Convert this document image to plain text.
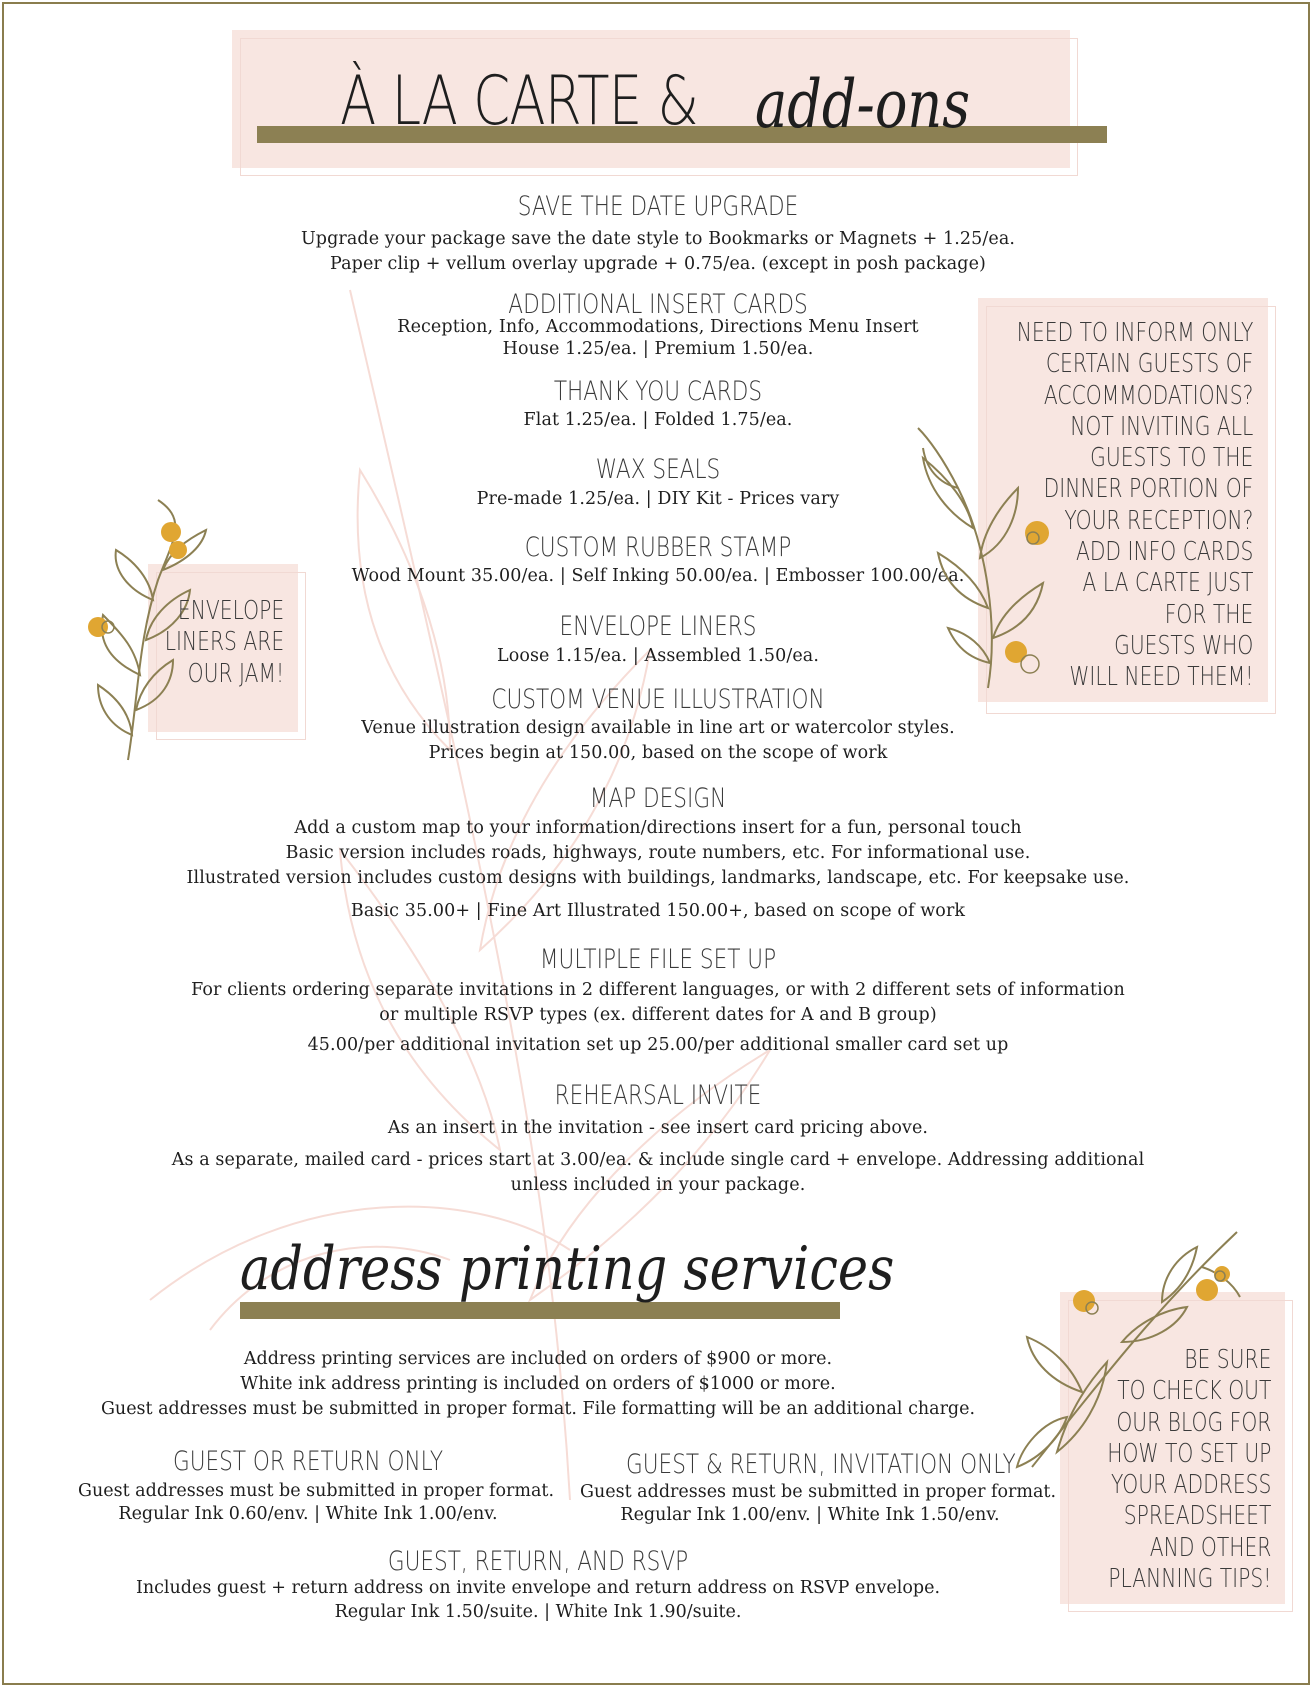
À LA CARTE & add-ons
SAVE THE DATE UPGRADE
Upgrade your package save the date style to Bookmarks or Magnets + 1.25/ea.
Paper clip + vellum overlay upgrade + 0.75/ea. (except in posh package)
ADDITIONAL INSERT CARDS
Reception, Info, Accommodations, Directions Menu Insert
House 1.25/ea. | Premium 1.50/ea.
THANK YOU CARDS
Flat 1.25/ea. | Folded 1.75/ea.
WAX SEALS
Pre-made 1.25/ea. | DIY Kit - Prices vary
CUSTOM RUBBER STAMP
Wood Mount 35.00/ea. | Self Inking 50.00/ea. | Embosser 100.00/ea.
ENVELOPE LINERS
Loose 1.15/ea. | Assembled 1.50/ea.
CUSTOM VENUE ILLUSTRATION
Venue illustration design available in line art or watercolor styles.
Prices begin at 150.00, based on the scope of work
MAP DESIGN
Add a custom map to your information/directions insert for a fun, personal touch
Basic version includes roads, highways, route numbers, etc. For informational use.
Illustrated version includes custom designs with buildings, landmarks, landscape, etc. For keepsake use.
Basic 35.00+ | Fine Art Illustrated 150.00+, based on scope of work
MULTIPLE FILE SET UP
For clients ordering separate invitations in 2 different languages, or with 2 different sets of information
or multiple RSVP types (ex. different dates for A and B group)
45.00/per additional invitation set up 25.00/per additional smaller card set up
REHEARSAL INVITE
As an insert in the invitation - see insert card pricing above.
As a separate, mailed card - prices start at 3.00/ea. & include single card + envelope. Addressing additional
unless included in your package.
ENVELOPE
LINERS ARE
OUR JAM!
NEED TO INFORM ONLY
CERTAIN GUESTS OF
ACCOMMODATIONS?
NOT INVITING ALL
GUESTS TO THE
DINNER PORTION OF
YOUR RECEPTION?
ADD INFO CARDS
A LA CARTE JUST
FOR THE
GUESTS WHO
WILL NEED THEM!
address printing services
Address printing services are included on orders of $900 or more.
White ink address printing is included on orders of $1000 or more.
Guest addresses must be submitted in proper format. File formatting will be an additional charge.
GUEST OR RETURN ONLY
Guest addresses must be submitted in proper format.
Regular Ink 0.60/env. | White Ink 1.00/env.
GUEST & RETURN, INVITATION ONLY
Guest addresses must be submitted in proper format.
Regular Ink 1.00/env. | White Ink 1.50/env.
GUEST, RETURN, AND RSVP
Includes guest + return address on invite envelope and return address on RSVP envelope.
Regular Ink 1.50/suite. | White Ink 1.90/suite.
BE SURE
TO CHECK OUT
OUR BLOG FOR
HOW TO SET UP
YOUR ADDRESS
SPREADSHEET
AND OTHER
PLANNING TIPS!
